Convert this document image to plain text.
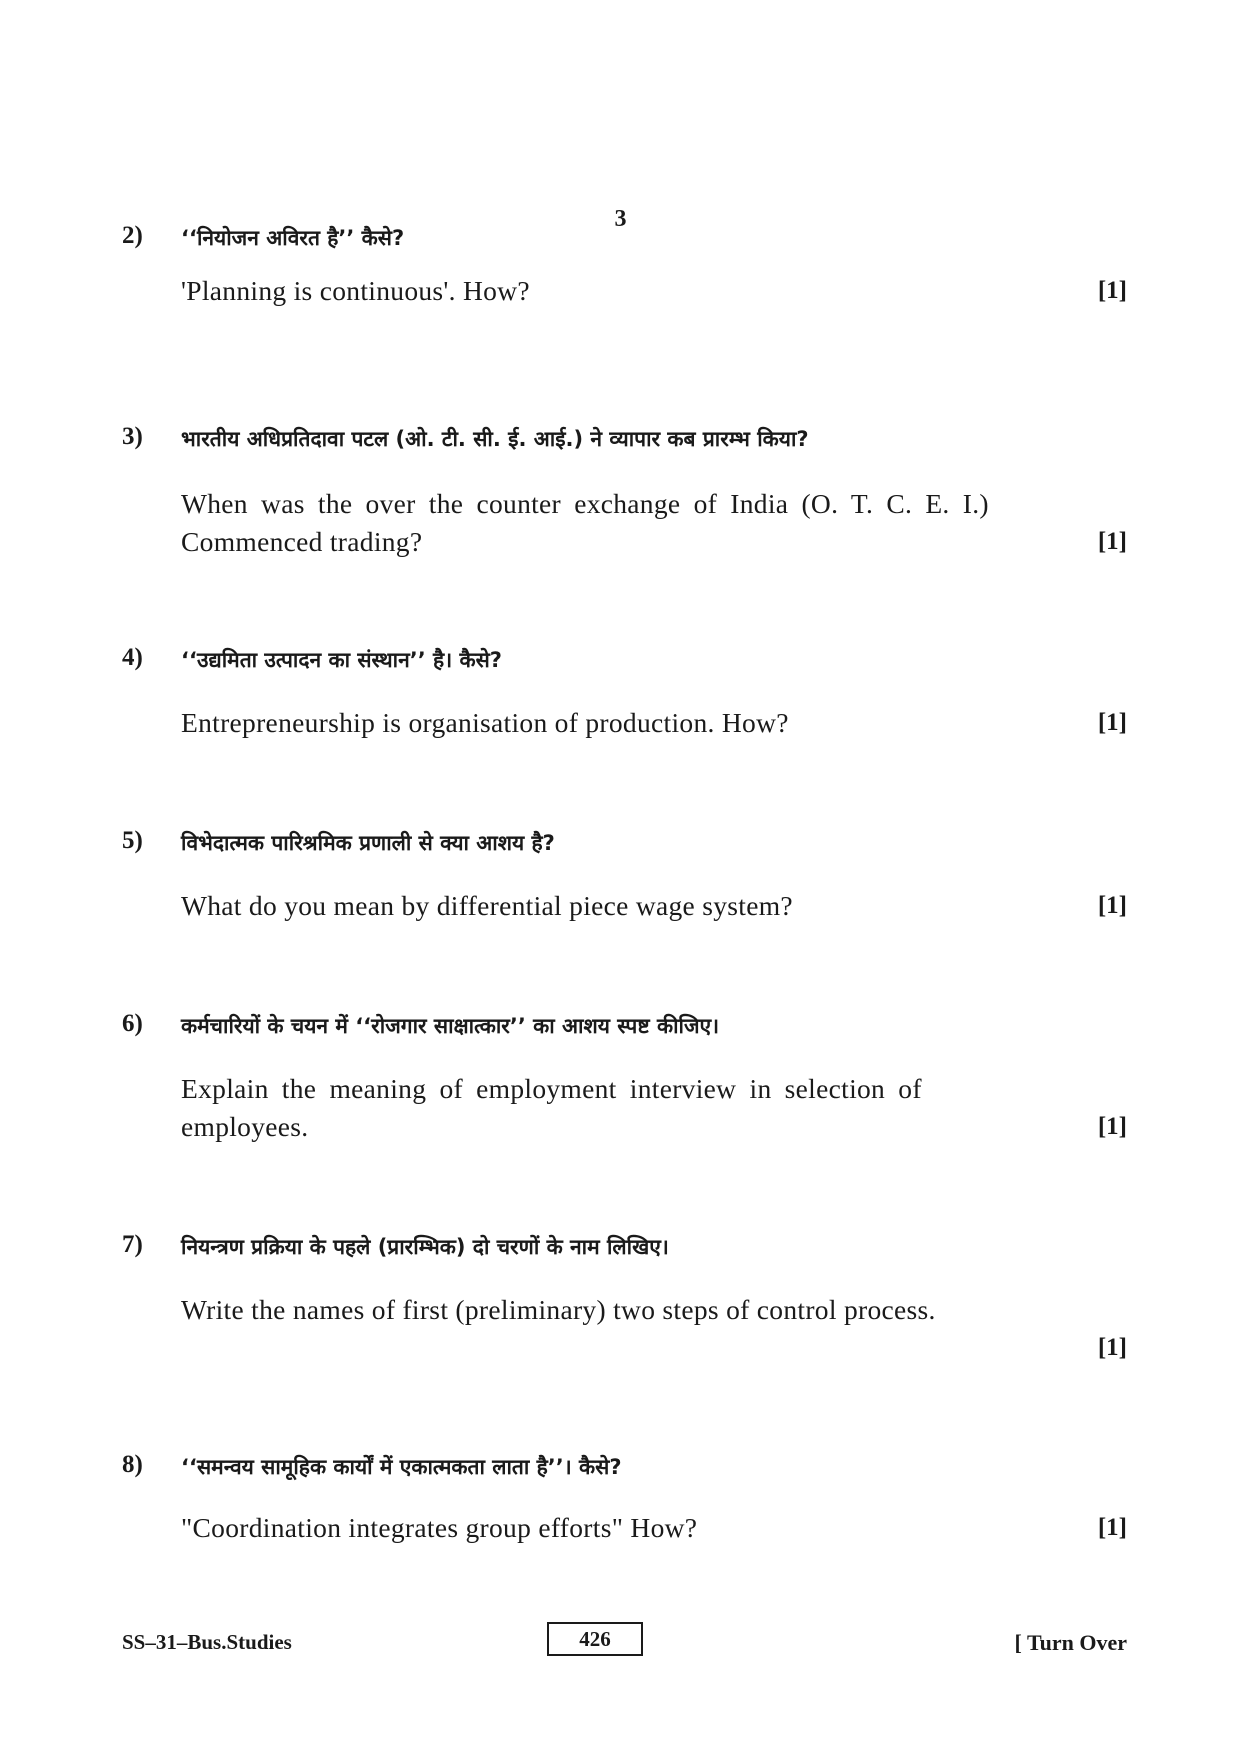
3
2) ‘‘नियोजन अविरत है’’ कैसे?
'Planning is continuous'. How?	[1]
3) भारतीय अधिप्रतिदावा पटल (ओ. टी. सी. ई. आई.) ने व्यापार कब प्रारम्भ किया?
When was the over the counter exchange of India (O. T. C. E. I.)
Commenced trading?	[1]
4) ‘‘उद्यमिता उत्पादन का संस्थान’’ है। कैसे?
Entrepreneurship is organisation of production. How?	[1]
5) विभेदात्मक पारिश्रमिक प्रणाली से क्या आशय है?
What do you mean by differential piece wage system?	[1]
6) कर्मचारियों के चयन में ‘‘रोजगार साक्षात्कार’’ का आशय स्पष्ट कीजिए।
Explain the meaning of employment interview in selection of
employees.	[1]
7) नियन्त्रण प्रक्रिया के पहले (प्रारम्भिक) दो चरणों के नाम लिखिए।
Write the names of first (preliminary) two steps of control process.
[1]
8) ‘‘समन्वय सामूहिक कार्यों में एकात्मकता लाता है’’। कैसे?
"Coordination integrates group efforts" How?	[1]
SS–31–Bus.Studies	426	[ Turn Over
